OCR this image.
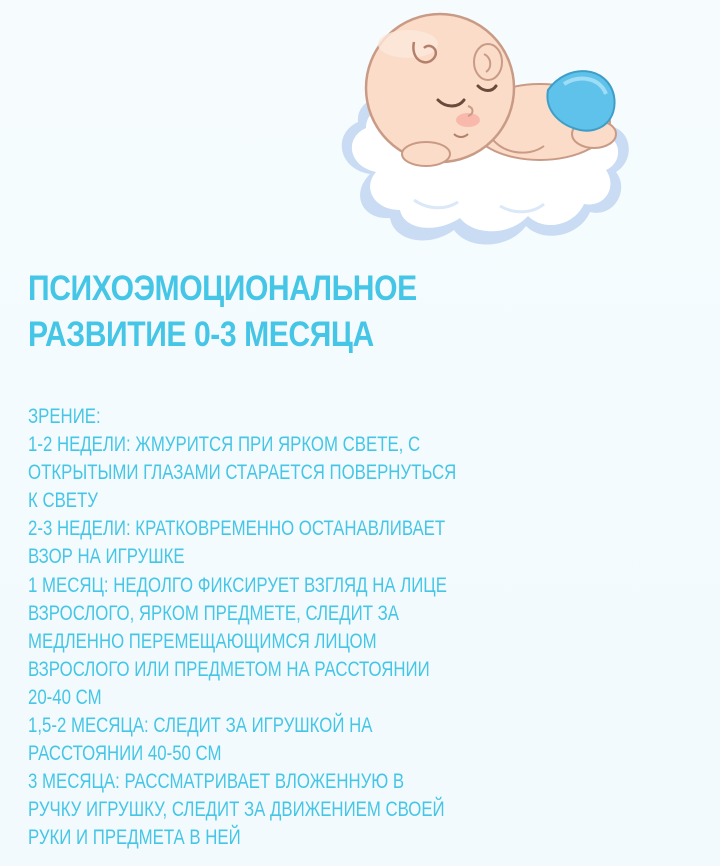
ПСИХОЭМОЦИОНАЛЬНОЕ
РАЗВИТИЕ 0-3 МЕСЯЦА
ЗРЕНИЕ:
1-2 НЕДЕЛИ: ЖМУРИТСЯ ПРИ ЯРКОМ СВЕТЕ, С
ОТКРЫТЫМИ ГЛАЗАМИ СТАРАЕТСЯ ПОВЕРНУТЬСЯ
К СВЕТУ
2-3 НЕДЕЛИ: КРАТКОВРЕМЕННО ОСТАНАВЛИВАЕТ
ВЗОР НА ИГРУШКЕ
1 МЕСЯЦ: НЕДОЛГО ФИКСИРУЕТ ВЗГЛЯД НА ЛИЦЕ
ВЗРОСЛОГО, ЯРКОМ ПРЕДМЕТЕ, СЛЕДИТ ЗА
МЕДЛЕННО ПЕРЕМЕЩАЮЩИМСЯ ЛИЦОМ
ВЗРОСЛОГО ИЛИ ПРЕДМЕТОМ НА РАССТОЯНИИ
20-40 СМ
1,5-2 МЕСЯЦА: СЛЕДИТ ЗА ИГРУШКОЙ НА
РАССТОЯНИИ 40-50 СМ
3 МЕСЯЦА: РАССМАТРИВАЕТ ВЛОЖЕННУЮ В
РУЧКУ ИГРУШКУ, СЛЕДИТ ЗА ДВИЖЕНИЕМ СВОЕЙ
РУКИ И ПРЕДМЕТА В НЕЙ
